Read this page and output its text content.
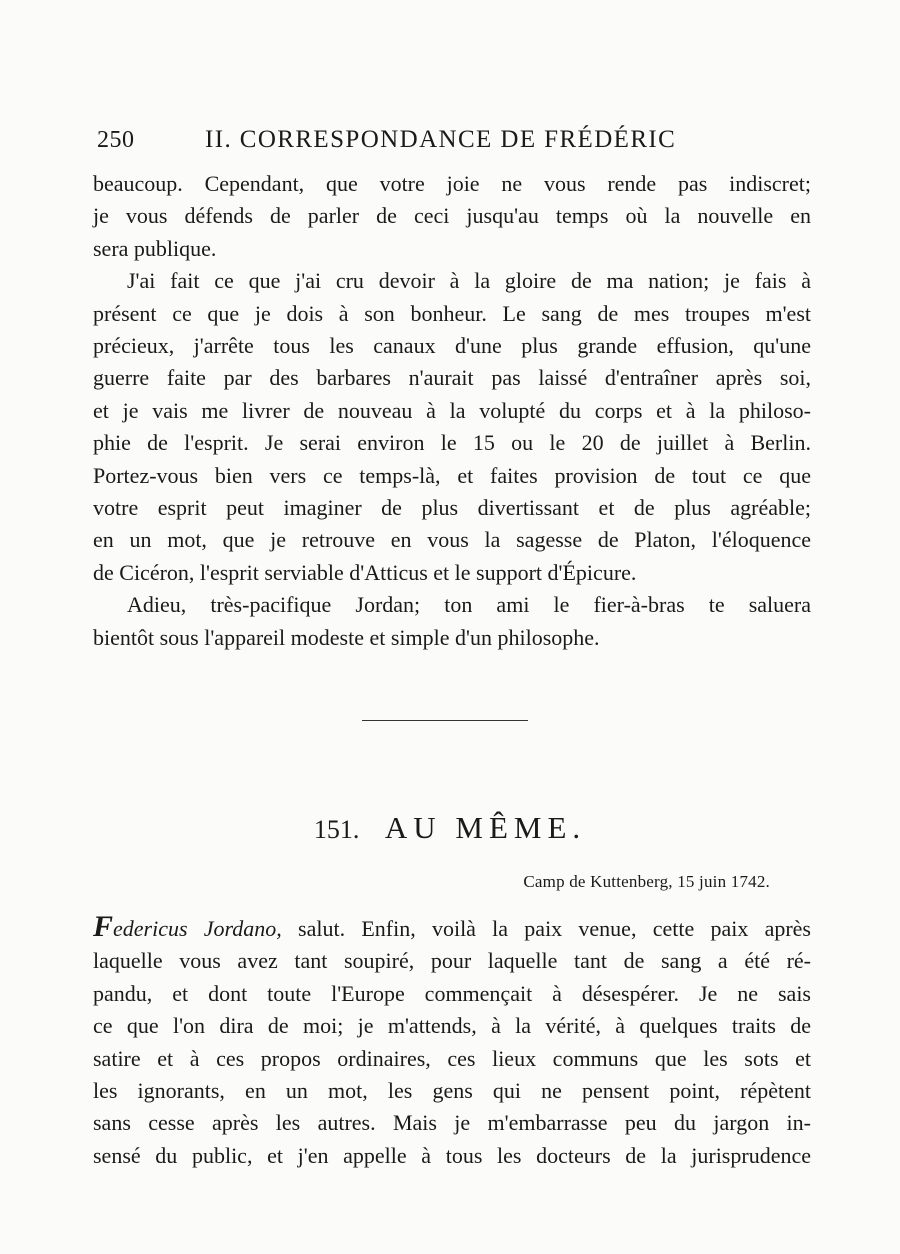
250	II. CORRESPONDANCE DE FRÉDÉRIC
beaucoup. Cependant, que votre joie ne vous rende pas indiscret;
je vous défends de parler de ceci jusqu'au temps où la nouvelle en
sera publique.
J'ai fait ce que j'ai cru devoir à la gloire de ma nation; je fais à
présent ce que je dois à son bonheur. Le sang de mes troupes m'est
précieux, j'arrête tous les canaux d'une plus grande effusion, qu'une
guerre faite par des barbares n'aurait pas laissé d'entraîner après soi,
et je vais me livrer de nouveau à la volupté du corps et à la philoso-
phie de l'esprit. Je serai environ le 15 ou le 20 de juillet à Berlin.
Portez-vous bien vers ce temps-là, et faites provision de tout ce que
votre esprit peut imaginer de plus divertissant et de plus agréable;
en un mot, que je retrouve en vous la sagesse de Platon, l'éloquence
de Cicéron, l'esprit serviable d'Atticus et le support d'Épicure.
Adieu, très-pacifique Jordan; ton ami le fier-à-bras te saluera
bientôt sous l'appareil modeste et simple d'un philosophe.
151. AU MÊME.
Camp de Kuttenberg, 15 juin 1742.
Federicus Jordano, salut. Enfin, voilà la paix venue, cette paix après
laquelle vous avez tant soupiré, pour laquelle tant de sang a été ré-
pandu, et dont toute l'Europe commençait à désespérer. Je ne sais
ce que l'on dira de moi; je m'attends, à la vérité, à quelques traits de
satire et à ces propos ordinaires, ces lieux communs que les sots et
les ignorants, en un mot, les gens qui ne pensent point, répètent
sans cesse après les autres. Mais je m'embarrasse peu du jargon in-
sensé du public, et j'en appelle à tous les docteurs de la jurisprudence
